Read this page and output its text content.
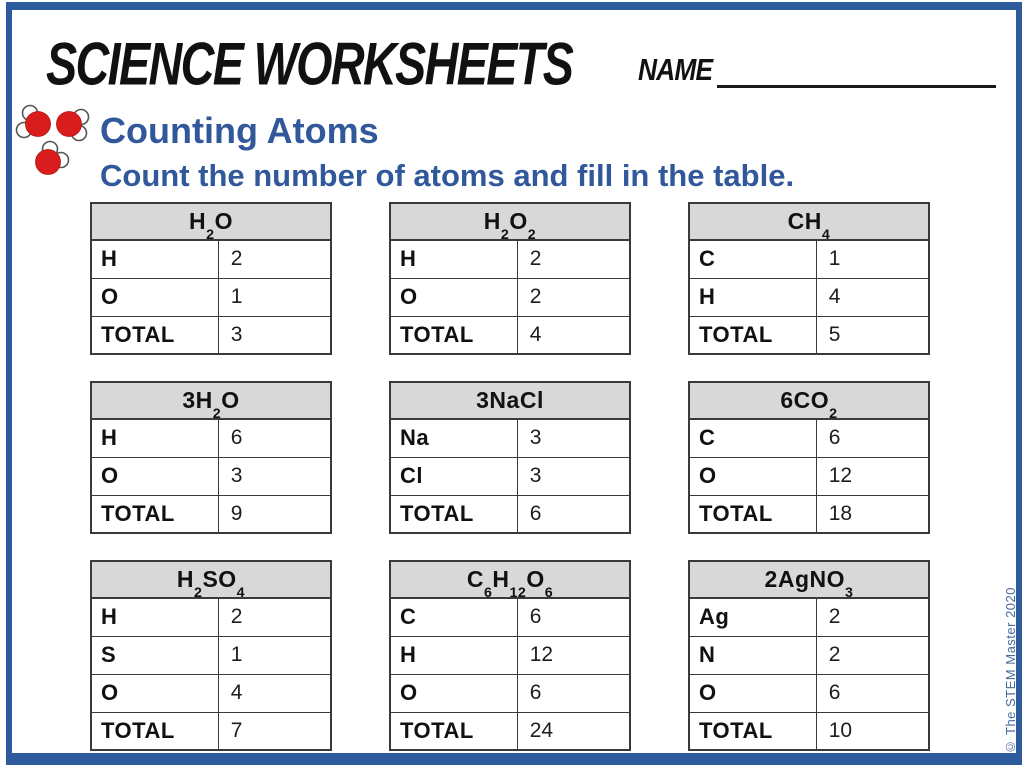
SCIENCE WORKSHEETS NAME
Counting Atoms
Count the number of atoms and fill in the table.
$H_2O$	
H	2
O	1
TOTAL	3
$H_2O_2$
H	2
O	2
TOTAL	4
$CH_4$
C	1
H	4
TOTAL	5
$3H_2O$	
H	6
O	3
TOTAL	9
3NaCl	
Na	3
Cl	3
TOTAL	6
$6CO_2$
C	6
O	12
TOTAL	18
$H_2SO_4$
H	2
S	1
O	4
TOTAL	7
$C_6H_{12}O_6$
C	6
H	12
O	6
TOTAL	24
2AgNO$_3$
Ag	2
N	2
O	6
TOTAL	10	© The STEM Master 2020
